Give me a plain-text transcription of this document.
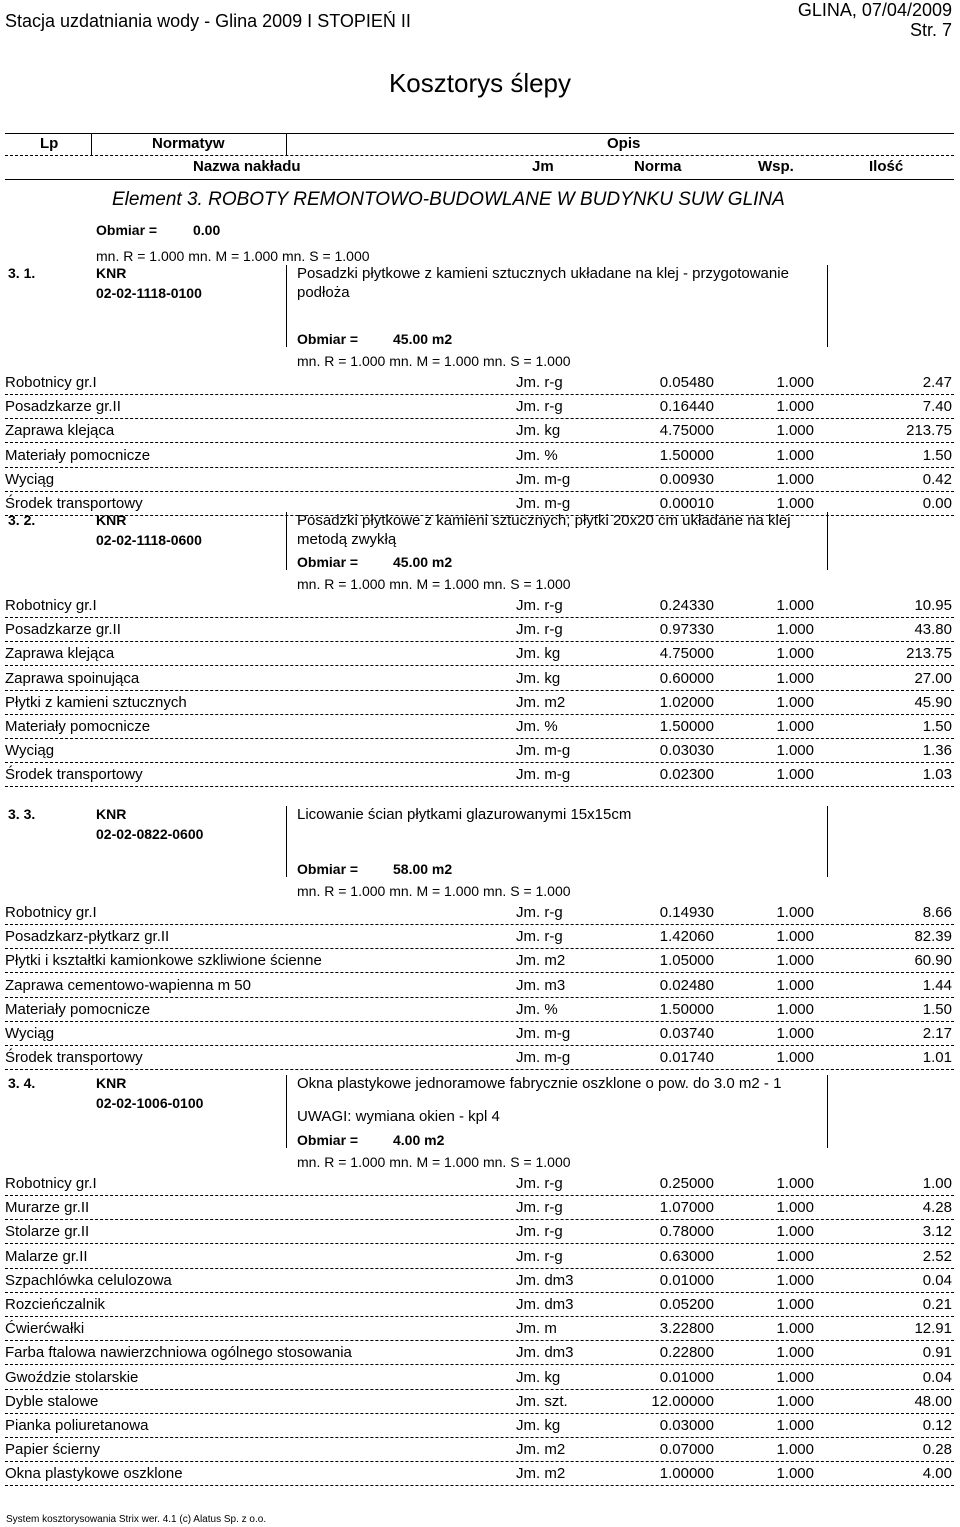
Stacja uzdatniania wody - Glina 2009 I STOPIEŃ II
GLINA, 07/04/2009
Str. 7
Kosztorys ślepy
Lp	Normatyw	Opis
Nazwa nakładu	Jm	Norma	Wsp.	Ilość
Element 3. ROBOTY REMONTOWO-BUDOWLANE W BUDYNKU SUW GLINA
Obmiar =	0.00
mn. R = 1.000 mn. M = 1.000 mn. S = 1.000
3. 1.	KNR
02-02-1118-0100
Posadzki płytkowe z kamieni sztucznych układane na klej - przygotowanie
podłoża
Obmiar = 45.00 m2
mn. R = 1.000 mn. M = 1.000 mn. S = 1.000
Robotnicy gr.I	Jm. r-g	0.05480	1.000	2.47
Posadzkarze gr.II	Jm. r-g	0.16440	1.000	7.40
Zaprawa klejąca	Jm. kg	4.75000	1.000	213.75
Materiały pomocnicze	Jm. %	1.50000	1.000	1.50
Wyciąg	Jm. m-g	0.00930	1.000	0.42
Środek transportowy	Jm. m-g	0.00010	1.000	0.00
3. 2.	KNR
02-02-1118-0600
Posadzki płytkowe z kamieni sztucznych; płytki 20x20 cm układane na klej
metodą zwykłą
Obmiar = 45.00 m2
mn. R = 1.000 mn. M = 1.000 mn. S = 1.000
Robotnicy gr.I	Jm. r-g	0.24330	1.000	10.95
Posadzkarze gr.II	Jm. r-g	0.97330	1.000	43.80
Zaprawa klejąca	Jm. kg	4.75000	1.000	213.75
Zaprawa spoinująca	Jm. kg	0.60000	1.000	27.00
Płytki z kamieni sztucznych	Jm. m2	1.02000	1.000	45.90
Materiały pomocnicze	Jm. %	1.50000	1.000	1.50
Wyciąg	Jm. m-g	0.03030	1.000	1.36
Środek transportowy	Jm. m-g	0.02300	1.000	1.03
3. 3.	KNR
02-02-0822-0600
Licowanie ścian płytkami glazurowanymi 15x15cm
Obmiar = 58.00 m2
mn. R = 1.000 mn. M = 1.000 mn. S = 1.000
Robotnicy gr.I	Jm. r-g	0.14930	1.000	8.66
Posadzkarz-płytkarz gr.II	Jm. r-g	1.42060	1.000	82.39
Płytki i kształtki kamionkowe szkliwione ścienne	Jm. m2	1.05000	1.000	60.90
Zaprawa cementowo-wapienna m 50	Jm. m3	0.02480	1.000	1.44
Materiały pomocnicze	Jm. %	1.50000	1.000	1.50
Wyciąg	Jm. m-g	0.03740	1.000	2.17
Środek transportowy	Jm. m-g	0.01740	1.000	1.01
3. 4.	KNR
02-02-1006-0100
Okna plastykowe jednoramowe fabrycznie oszklone o pow. do 3.0 m2 - 1
UWAGI: wymiana okien - kpl 4
Obmiar = 4.00 m2
mn. R = 1.000 mn. M = 1.000 mn. S = 1.000
Robotnicy gr.I	Jm. r-g	0.25000	1.000	1.00
Murarze gr.II	Jm. r-g	1.07000	1.000	4.28
Stolarze gr.II	Jm. r-g	0.78000	1.000	3.12
Malarze gr.II	Jm. r-g	0.63000	1.000	2.52
Szpachlówka celulozowa	Jm. dm3	0.01000	1.000	0.04
Rozcieńczalnik	Jm. dm3	0.05200	1.000	0.21
Ćwierćwałki	Jm. m	3.22800	1.000	12.91
Farba ftalowa nawierzchniowa ogólnego stosowania	Jm. dm3	0.22800	1.000	0.91
Gwoździe stolarskie	Jm. kg	0.01000	1.000	0.04
Dyble stalowe	Jm. szt.	12.00000	1.000	48.00
Pianka poliuretanowa	Jm. kg	0.03000	1.000	0.12
Papier ścierny	Jm. m2	0.07000	1.000	0.28
Okna plastykowe oszklone	Jm. m2	1.00000	1.000	4.00
System kosztorysowania Strix wer. 4.1 (c) Alatus Sp. z o.o.
